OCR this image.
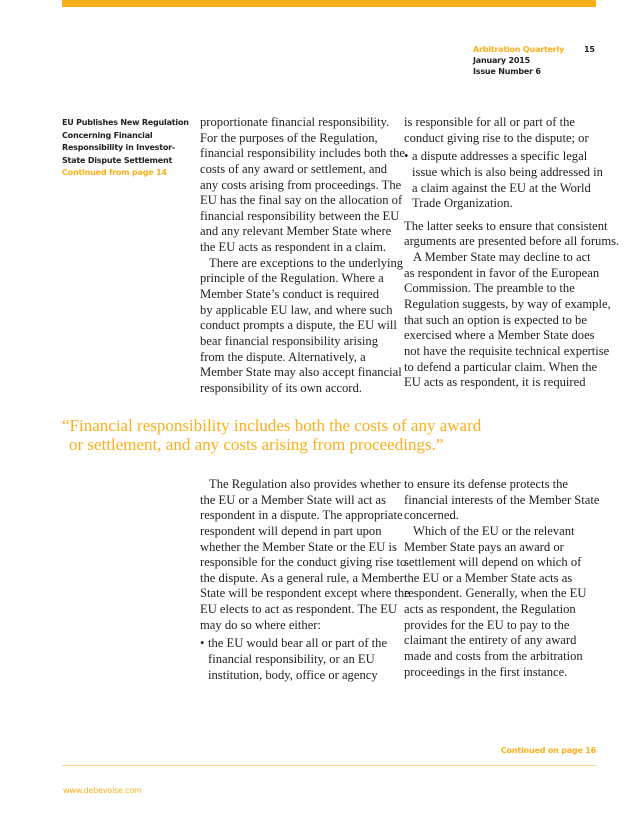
Arbitration Quarterly
January 2015
Issue Number 6
15
EU Publishes New Regulation
Concerning Financial
Responsibility in Investor-
State Dispute Settlement
Continued from page 14
proportionate financial responsibility.
For the purposes of the Regulation,
financial responsibility includes both the
costs of any award or settlement, and
any costs arising from proceedings. The
EU has the final say on the allocation of
financial responsibility between the EU
and any relevant Member State where
the EU acts as respondent in a claim.
There are exceptions to the underlying
principle of the Regulation. Where a
Member State’s conduct is required
by applicable EU law, and where such
conduct prompts a dispute, the EU will
bear financial responsibility arising
from the dispute. Alternatively, a
Member State may also accept financial
responsibility of its own accord.
is responsible for all or part of the
conduct giving rise to the dispute; or
• a dispute addresses a specific legal
issue which is also being addressed in
a claim against the EU at the World
Trade Organization.
The latter seeks to ensure that consistent
arguments are presented before all forums.
A Member State may decline to act
as respondent in favor of the European
Commission. The preamble to the
Regulation suggests, by way of example,
that such an option is expected to be
exercised where a Member State does
not have the requisite technical expertise
to defend a particular claim. When the
EU acts as respondent, it is required
“Financial responsibility includes both the costs of any award
or settlement, and any costs arising from proceedings.”
The Regulation also provides whether
the EU or a Member State will act as
respondent in a dispute. The appropriate
respondent will depend in part upon
whether the Member State or the EU is
responsible for the conduct giving rise to
the dispute. As a general rule, a Member
State will be respondent except where the
EU elects to act as respondent. The EU
may do so where either:
• the EU would bear all or part of the
financial responsibility, or an EU
institution, body, office or agency
to ensure its defense protects the
financial interests of the Member State
concerned.
Which of the EU or the relevant
Member State pays an award or
settlement will depend on which of
the EU or a Member State acts as
respondent. Generally, when the EU
acts as respondent, the Regulation
provides for the EU to pay to the
claimant the entirety of any award
made and costs from the arbitration
proceedings in the first instance.
Continued on page 16
www.debevoise.com
